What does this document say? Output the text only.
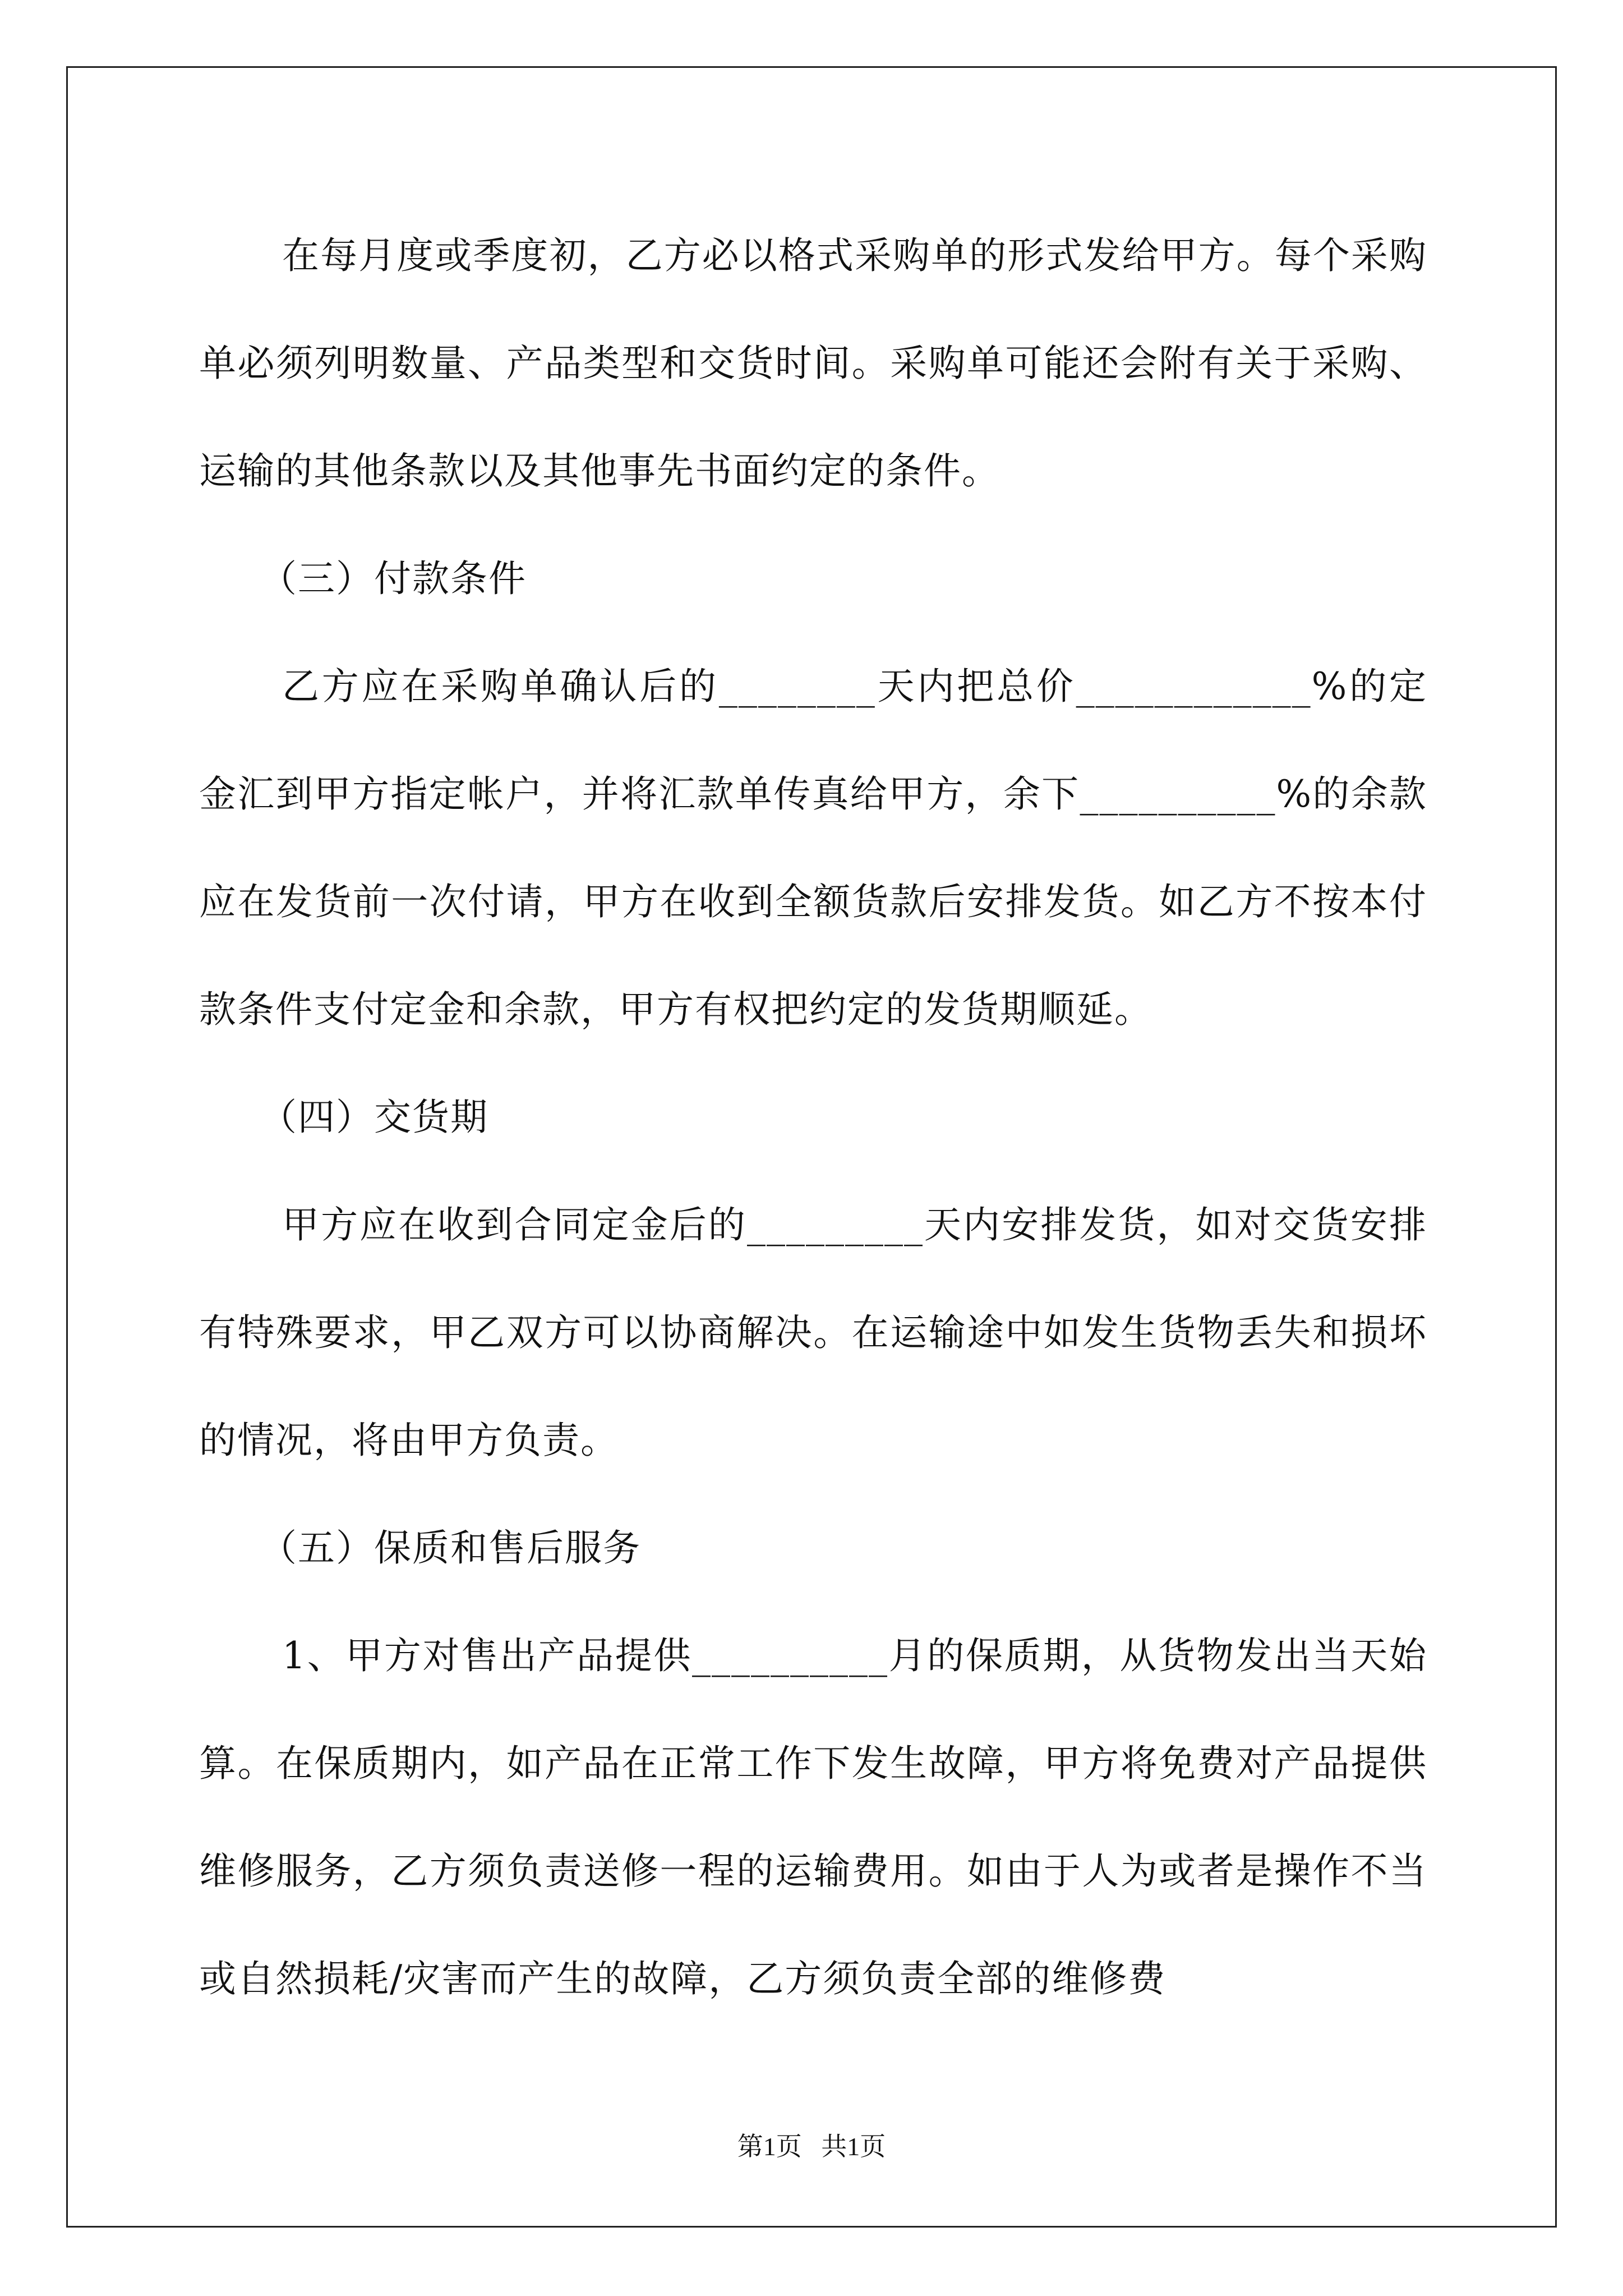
在每月度或季度初，乙方必以格式采购单的形式发给甲方。每个采购单必须列明数量、产品类型和交货时间。采购单可能还会附有关于采购、运输的其他条款以及其他事先书面约定的条件。

（三）付款条件

乙方应在采购单确认后的________天内把总价____________%的定金汇到甲方指定帐户，并将汇款单传真给甲方，余下__________%的余款应在发货前一次付请，甲方在收到全额货款后安排发货。如乙方不按本付款条件支付定金和余款，甲方有权把约定的发货期顺延。

（四）交货期

甲方应在收到合同定金后的_________天内安排发货，如对交货安排有特殊要求，甲乙双方可以协商解决。在运输途中如发生货物丢失和损坏的情况，将由甲方负责。

（五）保质和售后服务

1、甲方对售出产品提供__________月的保质期，从货物发出当天始算。在保质期内，如产品在正常工作下发生故障，甲方将免费对产品提供维修服务，乙方须负责送修一程的运输费用。如由于人为或者是操作不当或自然损耗/灾害而产生的故障，乙方须负责全部的维修费

第1页   共1页
